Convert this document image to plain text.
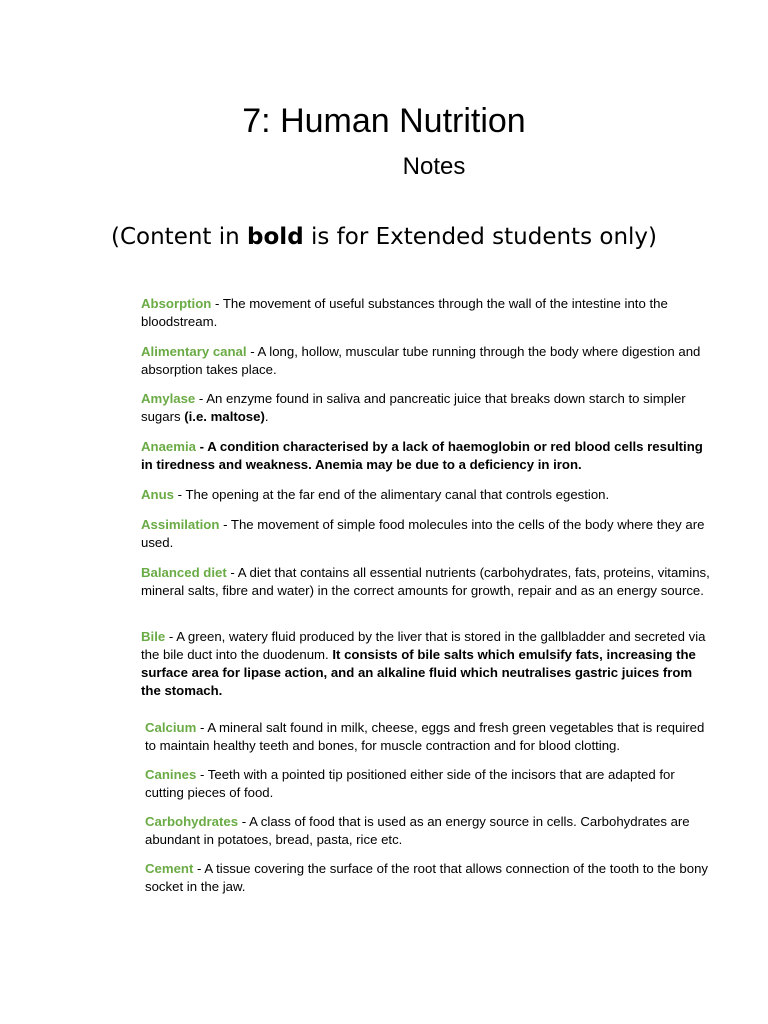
7: Human Nutrition
Notes

(Content in bold is for Extended students only)

Absorption - The movement of useful substances through the wall of the intestine into the bloodstream.
Alimentary canal - A long, hollow, muscular tube running through the body where digestion and absorption takes place.
Amylase - An enzyme found in saliva and pancreatic juice that breaks down starch to simpler sugars (i.e. maltose).
Anaemia - A condition characterised by a lack of haemoglobin or red blood cells resulting in tiredness and weakness. Anemia may be due to a deficiency in iron.
Anus - The opening at the far end of the alimentary canal that controls egestion.
Assimilation - The movement of simple food molecules into the cells of the body where they are used.
Balanced diet - A diet that contains all essential nutrients (carbohydrates, fats, proteins, vitamins, mineral salts, fibre and water) in the correct amounts for growth, repair and as an energy source.
Bile - A green, watery fluid produced by the liver that is stored in the gallbladder and secreted via the bile duct into the duodenum. It consists of bile salts which emulsify fats, increasing the surface area for lipase action, and an alkaline fluid which neutralises gastric juices from the stomach.
Calcium - A mineral salt found in milk, cheese, eggs and fresh green vegetables that is required to maintain healthy teeth and bones, for muscle contraction and for blood clotting.
Canines - Teeth with a pointed tip positioned either side of the incisors that are adapted for cutting pieces of food.
Carbohydrates - A class of food that is used as an energy source in cells. Carbohydrates are abundant in potatoes, bread, pasta, rice etc.
Cement - A tissue covering the surface of the root that allows connection of the tooth to the bony socket in the jaw.
